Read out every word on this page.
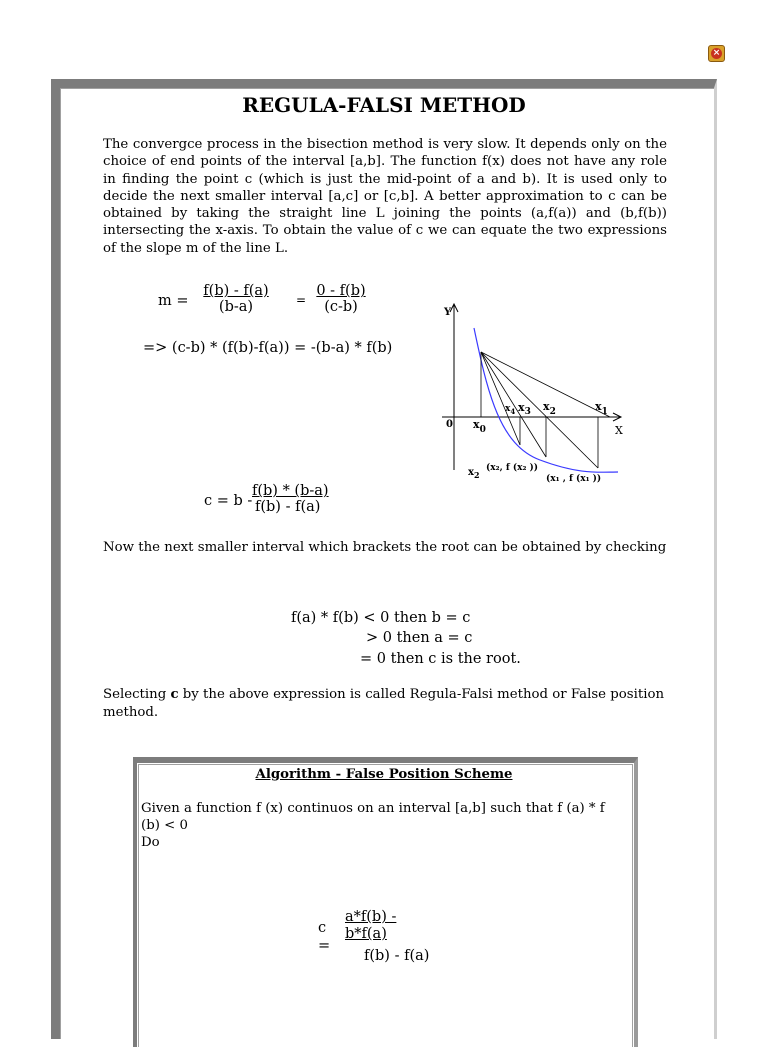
×
REGULA-FALSI METHOD

The convergce process in the bisection method is very slow. It depends only on the choice of end points of the interval [a,b]. The function f(x) does not have any role in finding the point c (which is just the mid-point of a and b). It is used only to decide the next smaller interval [a,c] or [c,b]. A better approximation to c can be obtained by taking the straight line L joining the points (a,f(a)) and (b,f(b)) intersecting the x-axis. To obtain the value of c we can equate the two expressions of the slope m of the line L.

$m = \frac{f(b) - f(a)}{(b-a)} = \frac{0 - f(b)}{(c-b)}$
=> (c-b) * (f(b)-f(a)) = -(b-a) * f(b)
Y
X
0 $x_0$
$x_1$
$x_2$
$x_3$
$x_4$
$x_2$
(x₂, f (x₂ ))
(x₁ , f (x₁ ))
$c = b - \frac{f(b) * (b-a)}{f(b) - f(a)}$

Now the next smaller interval which brackets the root can be obtained by checking

f(a) * f(b) < 0 then b = c
> 0 then a = c
= 0 then c is the root.

Selecting c by the above expression is called Regula-Falsi method or False position method.

Algorithm - False Position Scheme

Given a function f (x) continuos on an interval [a,b] such that f (a) * f (b) < 0
Do

c
=
$\frac{a*f(b) -}{b*f(a)}$
f(b) - f(a)
